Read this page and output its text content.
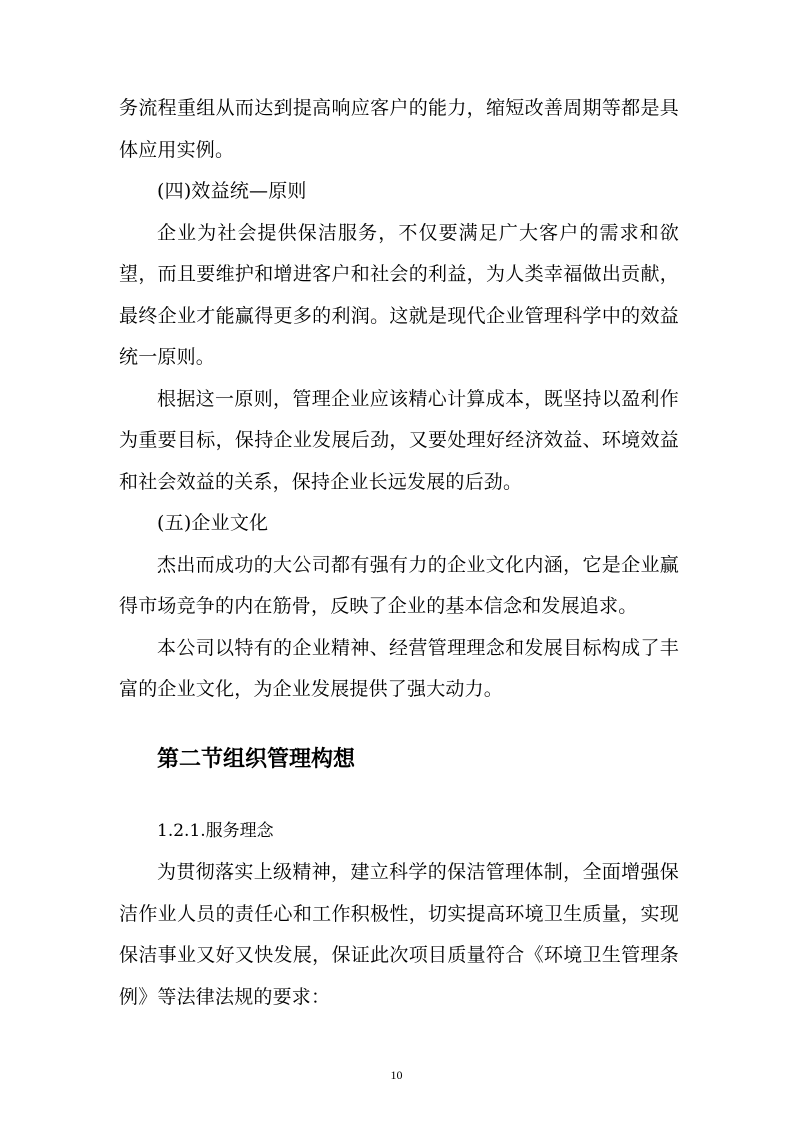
务流程重组从而达到提高响应客户的能力，缩短改善周期等都是具体应用实例。

(四)效益统—原则

企业为社会提供保洁服务，不仅要满足广大客户的需求和欲望，而且要维护和增进客户和社会的利益，为人类幸福做出贡献，最终企业才能赢得更多的利润。这就是现代企业管理科学中的效益统一原则。

根据这一原则，管理企业应该精心计算成本，既坚持以盈利作为重要目标，保持企业发展后劲，又要处理好经济效益、环境效益和社会效益的关系，保持企业长远发展的后劲。

(五)企业文化

杰出而成功的大公司都有强有力的企业文化内涵，它是企业赢得市场竞争的内在筋骨，反映了企业的基本信念和发展追求。

本公司以特有的企业精神、经营管理理念和发展目标构成了丰富的企业文化，为企业发展提供了强大动力。

第二节组织管理构想

1.2.1.服务理念

为贯彻落实上级精神，建立科学的保洁管理体制，全面增强保洁作业人员的责任心和工作积极性，切实提高环境卫生质量，实现保洁事业又好又快发展，保证此次项目质量符合《环境卫生管理条例》等法律法规的要求：

10
